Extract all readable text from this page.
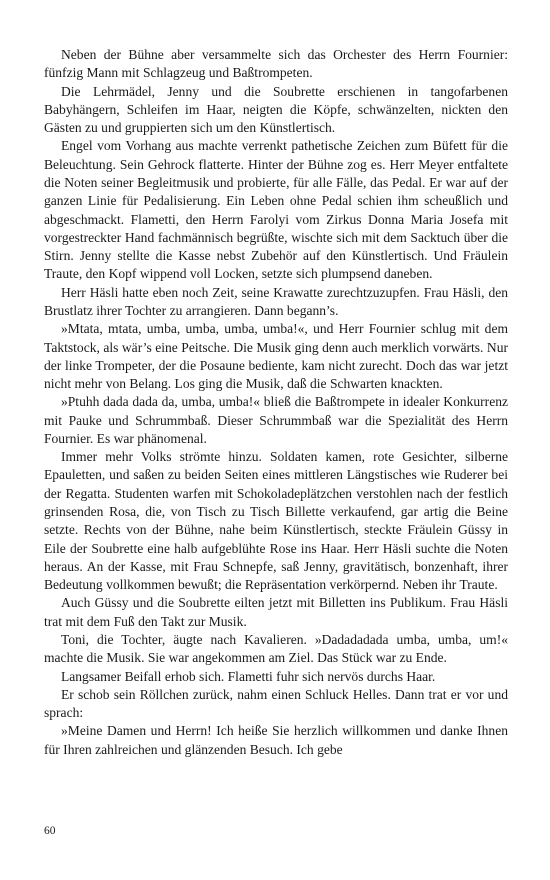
Neben der Bühne aber versammelte sich das Orchester des Herrn Fournier: fünfzig Mann mit Schlagzeug und Baßtrompeten.

Die Lehrmädel, Jenny und die Soubrette erschienen in tangofarbenen Babyhängern, Schleifen im Haar, neigten die Köpfe, schwänzelten, nickten den Gästen zu und gruppierten sich um den Künstlertisch.

Engel vom Vorhang aus machte verrenkt pathetische Zeichen zum Büfett für die Beleuchtung. Sein Gehrock flatterte. Hinter der Bühne zog es. Herr Meyer entfaltete die Noten seiner Begleitmusik und probierte, für alle Fälle, das Pedal. Er war auf der ganzen Linie für Pedalisierung. Ein Leben ohne Pedal schien ihm scheußlich und abgeschmackt. Flametti, den Herrn Farolyi vom Zirkus Donna Maria Josefa mit vorgestreckter Hand fachmännisch begrüßte, wischte sich mit dem Sacktuch über die Stirn. Jenny stellte die Kasse nebst Zubehör auf den Künstlertisch. Und Fräulein Traute, den Kopf wippend voll Locken, setzte sich plumpsend daneben.

Herr Häsli hatte eben noch Zeit, seine Krawatte zurechtzuzupfen. Frau Häsli, den Brustlatz ihrer Tochter zu arrangieren. Dann begann’s.

»Mtata, mtata, umba, umba, umba, umba!«, und Herr Fournier schlug mit dem Taktstock, als wär’s eine Peitsche. Die Musik ging denn auch merklich vorwärts. Nur der linke Trompeter, der die Posaune bediente, kam nicht zurecht. Doch das war jetzt nicht mehr von Belang. Los ging die Musik, daß die Schwarten knackten.

»Ptuhh dada dada da, umba, umba!« bließ die Baßtrompete in idealer Konkurrenz mit Pauke und Schrummbaß. Dieser Schrummbaß war die Spezialität des Herrn Fournier. Es war phänomenal.

Immer mehr Volks strömte hinzu. Soldaten kamen, rote Gesichter, silberne Epauletten, und saßen zu beiden Seiten eines mittleren Längstisches wie Ruderer bei der Regatta. Studenten warfen mit Schokoladeplätzchen verstohlen nach der festlich grinsenden Rosa, die, von Tisch zu Tisch Billette verkaufend, gar artig die Beine setzte. Rechts von der Bühne, nahe beim Künstlertisch, steckte Fräulein Güssy in Eile der Soubrette eine halb aufgeblühte Rose ins Haar. Herr Häsli suchte die Noten heraus. An der Kasse, mit Frau Schnepfe, saß Jenny, gravitätisch, bonzenhaft, ihrer Bedeutung vollkommen bewußt; die Repräsentation verkörpernd. Neben ihr Traute.

Auch Güssy und die Soubrette eilten jetzt mit Billetten ins Publikum. Frau Häsli trat mit dem Fuß den Takt zur Musik.

Toni, die Tochter, äugte nach Kavalieren. »Dadadadada umba, umba, um!« machte die Musik. Sie war angekommen am Ziel. Das Stück war zu Ende.

Langsamer Beifall erhob sich. Flametti fuhr sich nervös durchs Haar.

Er schob sein Röllchen zurück, nahm einen Schluck Helles. Dann trat er vor und sprach:

»Meine Damen und Herrn! Ich heiße Sie herzlich willkommen und danke Ihnen für Ihren zahlreichen und glänzenden Besuch. Ich gebe

60
